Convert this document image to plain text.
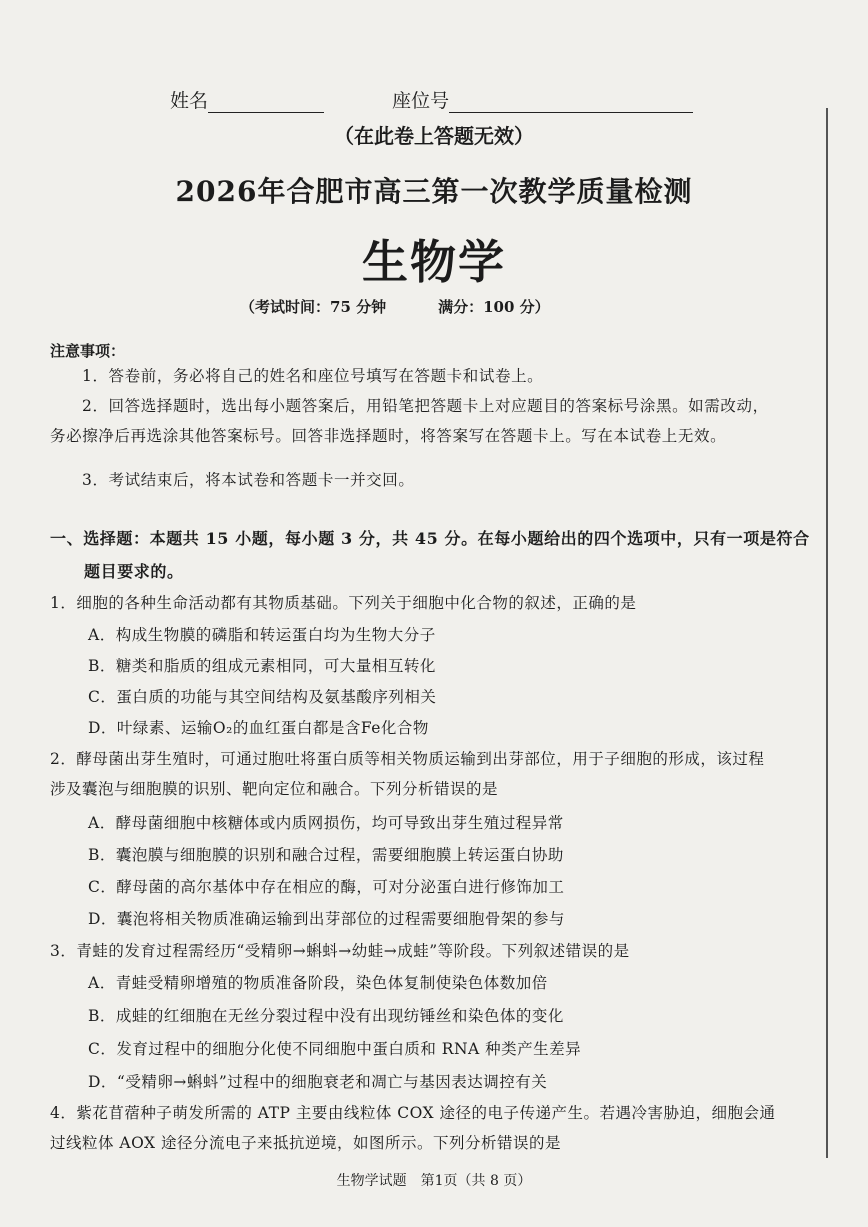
姓名	座位号
（在此卷上答题无效）
2026年合肥市高三第一次教学质量检测
生物学
（考试时间：75 分钟	满分：100 分）
注意事项：
1．答卷前，务必将自己的姓名和座位号填写在答题卡和试卷上。
2．回答选择题时，选出每小题答案后，用铅笔把答题卡上对应题目的答案标号涂黑。如需改动，务必擦净后再选涂其他答案标号。回答非选择题时，将答案写在答题卡上。写在本试卷上无效。
3．考试结束后，将本试卷和答题卡一并交回。
一、选择题：本题共 15 小题，每小题 3 分，共 45 分。在每小题给出的四个选项中，只有一项是符合题目要求的。
1．细胞的各种生命活动都有其物质基础。下列关于细胞中化合物的叙述，正确的是
A．构成生物膜的磷脂和转运蛋白均为生物大分子
B．糖类和脂质的组成元素相同，可大量相互转化
C．蛋白质的功能与其空间结构及氨基酸序列相关
D．叶绿素、运输O₂的血红蛋白都是含Fe化合物
2．酵母菌出芽生殖时，可通过胞吐将蛋白质等相关物质运输到出芽部位，用于子细胞的形成，该过程涉及囊泡与细胞膜的识别、靶向定位和融合。下列分析错误的是
A．酵母菌细胞中核糖体或内质网损伤，均可导致出芽生殖过程异常
B．囊泡膜与细胞膜的识别和融合过程，需要细胞膜上转运蛋白协助
C．酵母菌的高尔基体中存在相应的酶，可对分泌蛋白进行修饰加工
D．囊泡将相关物质准确运输到出芽部位的过程需要细胞骨架的参与
3．青蛙的发育过程需经历“受精卵→蝌蚪→幼蛙→成蛙”等阶段。下列叙述错误的是
A．青蛙受精卵增殖的物质准备阶段，染色体复制使染色体数加倍
B．成蛙的红细胞在无丝分裂过程中没有出现纺锤丝和染色体的变化
C．发育过程中的细胞分化使不同细胞中蛋白质和 RNA 种类产生差异
D．“受精卵→蝌蚪”过程中的细胞衰老和凋亡与基因表达调控有关
4．紫花苜蓿种子萌发所需的 ATP 主要由线粒体 COX 途径的电子传递产生。若遇冷害胁迫，细胞会通过线粒体 AOX 途径分流电子来抵抗逆境，如图所示。下列分析错误的是
生物学试题　第1页（共 8 页）
